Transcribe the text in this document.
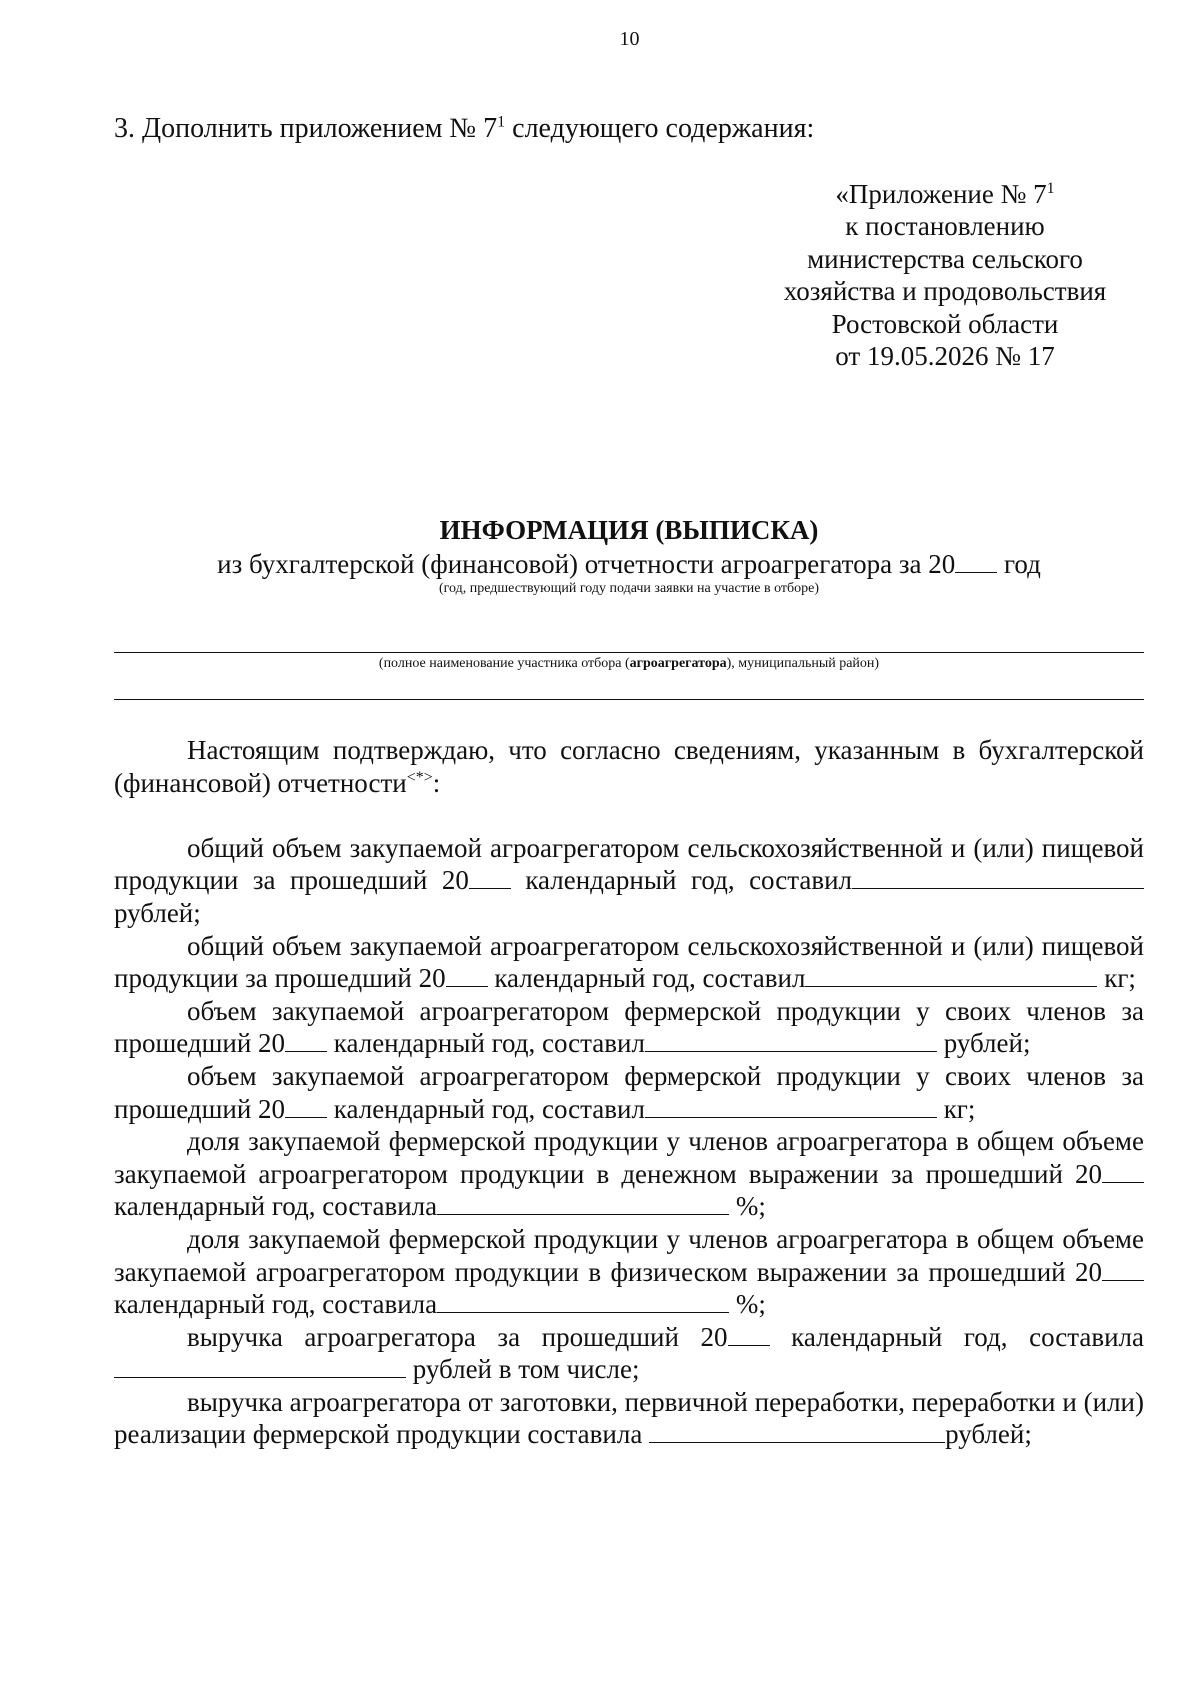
10
3. Дополнить приложением № $7^1$ следующего содержания:
«Приложение № $7^1$
к постановлению
министерства сельского
хозяйства и продовольствия
Ростовской области
от 19.05.2026 № 17
ИНФОРМАЦИЯ (ВЫПИСКА)
из бухгалтерской (финансовой) отчетности агроагрегатора за 20 год
(год, предшествующий году подачи заявки на участие в отборе)
(полное наименование участника отбора (агроагрегатора), муниципальный район)

Настоящим подтверждаю, что согласно сведениям, указанным в бухгалтерской (финансовой) отчетности<*>:

общий объем закупаемой агроагрегатором сельскохозяйственной и (или) пищевой продукции за прошедший 20 календарный год, составил рублей;

общий объем закупаемой агроагрегатором сельскохозяйственной и (или) пищевой продукции за прошедший 20 календарный год, составил	кг;

объем закупаемой агроагрегатором фермерской продукции у своих членов за прошедший 20 календарный год, составил	рублей;

объем закупаемой агроагрегатором фермерской продукции у своих членов за прошедший 20 календарный год, составил	кг;

доля закупаемой фермерской продукции у членов агроагрегатора в общем объеме закупаемой агроагрегатором продукции в денежном выражении за прошедший 20 календарный год, составила	%;

доля закупаемой фермерской продукции у членов агроагрегатора в общем объеме закупаемой агроагрегатором продукции в физическом выражении за прошедший 20 календарный год, составила	%;

выручка агроагрегатора за прошедший 20 календарный год, составила рублей в том числе;

выручка агроагрегатора от заготовки, первичной переработки, переработки и (или) реализации фермерской продукции составила	рублей;
